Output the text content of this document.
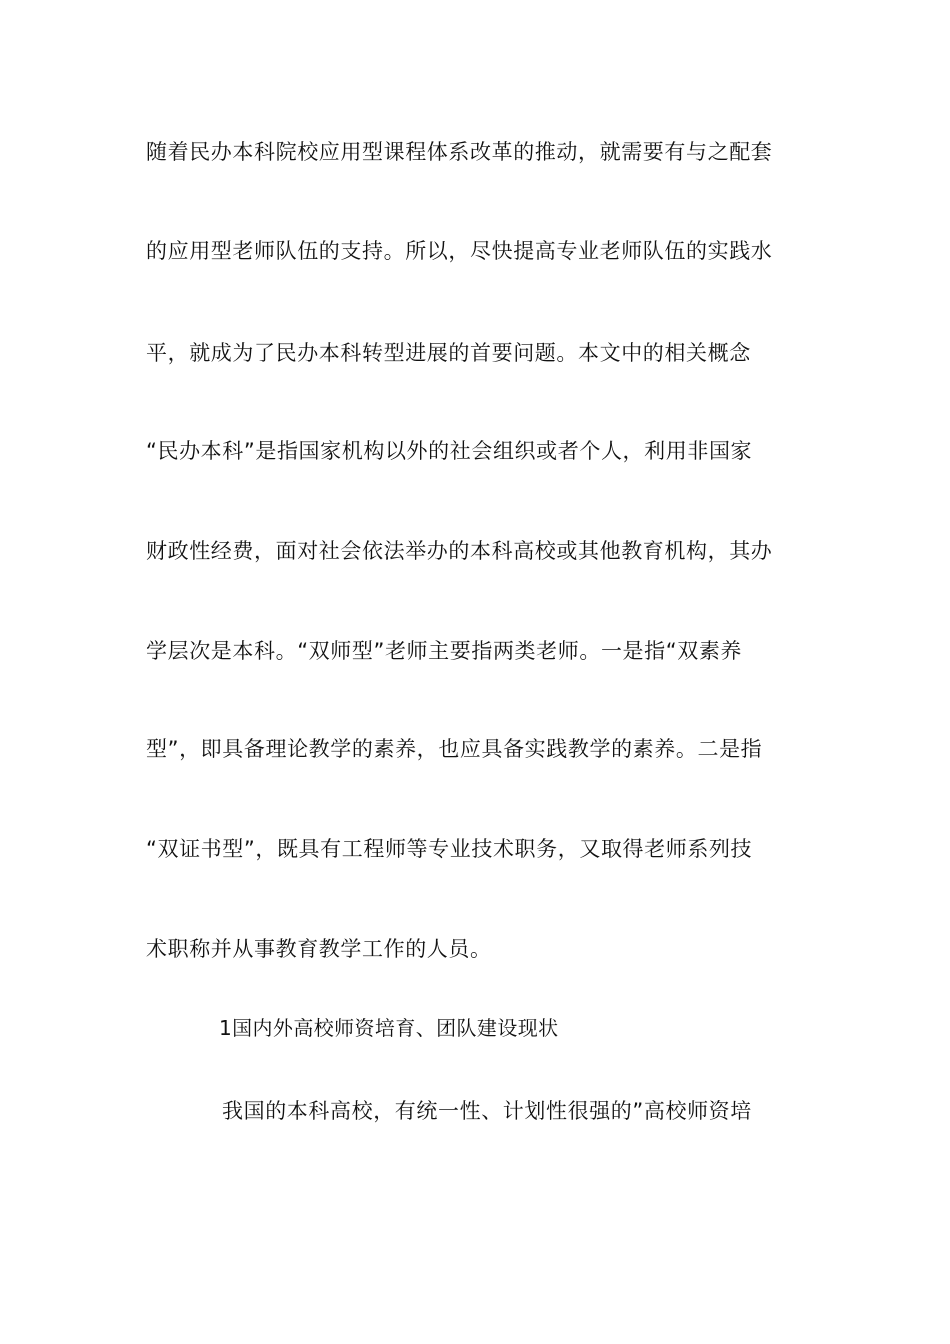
随着民办本科院校应用型课程体系改革的推动，就需要有与之配套
的应用型老师队伍的支持。所以，尽快提高专业老师队伍的实践水
平，就成为了民办本科转型进展的首要问题。本文中的相关概念
“民办本科”是指国家机构以外的社会组织或者个人，利用非国家
财政性经费，面对社会依法举办的本科高校或其他教育机构，其办
学层次是本科。“双师型”老师主要指两类老师。一是指“双素养
型”，即具备理论教学的素养，也应具备实践教学的素养。二是指
“双证书型”，既具有工程师等专业技术职务，又取得老师系列技
术职称并从事教育教学工作的人员。
1国内外高校师资培育、团队建设现状
我国的本科高校，有统一性、计划性很强的”高校师资培
